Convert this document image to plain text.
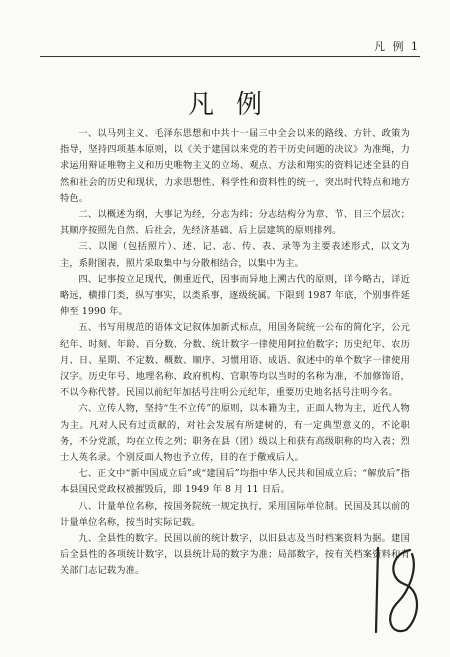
凡 例 1
凡例

一、以马列主义、毛泽东思想和中共十一届三中全会以来的路线、方针、政策为指导，坚持四项基本原则，以《关于建国以来党的若干历史问题的决议》为准绳，力求运用辩证唯物主义和历史唯物主义的立场、观点、方法和翔实的资料记述全县的自然和社会的历史和现状，力求思想性、科学性和资料性的统一，突出时代特点和地方特色。

二、以概述为纲，大事记为经，分志为纬；分志结构分为章、节、目三个层次；其顺序按照先自然、后社会，先经济基础、后上层建筑的原则排列。

三、以图（包括照片）、述、记、志、传、表、录等为主要表述形式，以文为主，系附图表，照片采取集中与分散相结合，以集中为主。

四、记事按立足现代，侧重近代，因事而异地上溯古代的原则，详今略古，详近略远，横排门类，纵写事实，以类系事，逐级统属。下限到 1987 年底，个别事件延伸至 1990 年。

五、书写用规范的语体文记叙体加新式标点，用国务院统一公布的简化字，公元纪年、时刻、年龄、百分数、分数、统计数字一律使用阿拉伯数字；历史纪年、农历月、日、星期、不定数、概数、顺序、习惯用语、成语、叙述中的单个数字一律使用汉字。历史年号、地理名称、政府机构、官职等均以当时的名称为准，不加修饰语，不以今称代替。民国以前纪年加括号注明公元纪年，重要历史地名括号注明今名。

六、立传人物，坚持“生不立传”的原则，以本籍为主，正面人物为主，近代人物为主。凡对人民有过贡献的，对社会发展有所建树的，有一定典型意义的，不论职务，不分党派，均在立传之列；职务在县（团）级以上和获有高级职称的均入表；烈士人英名录。个别反面人物也予立传，目的在于儆戒后人。

七、正文中“新中国成立后”或“建国后”均指中华人民共和国成立后；“解放后”指本县国民党政权被摧毁后，即 1949 年 8 月 11 日后。

八、计量单位名称，按国务院统一规定执行，采用国际单位制。民国及其以前的计量单位名称，按当时实际记载。

九、全县性的数字。民国以前的统计数字，以旧县志及当时档案资料为据。建国后全县性的各项统计数字，以县统计局的数字为准；局部数字，按有关档案资料和有关部门志记载为准。
